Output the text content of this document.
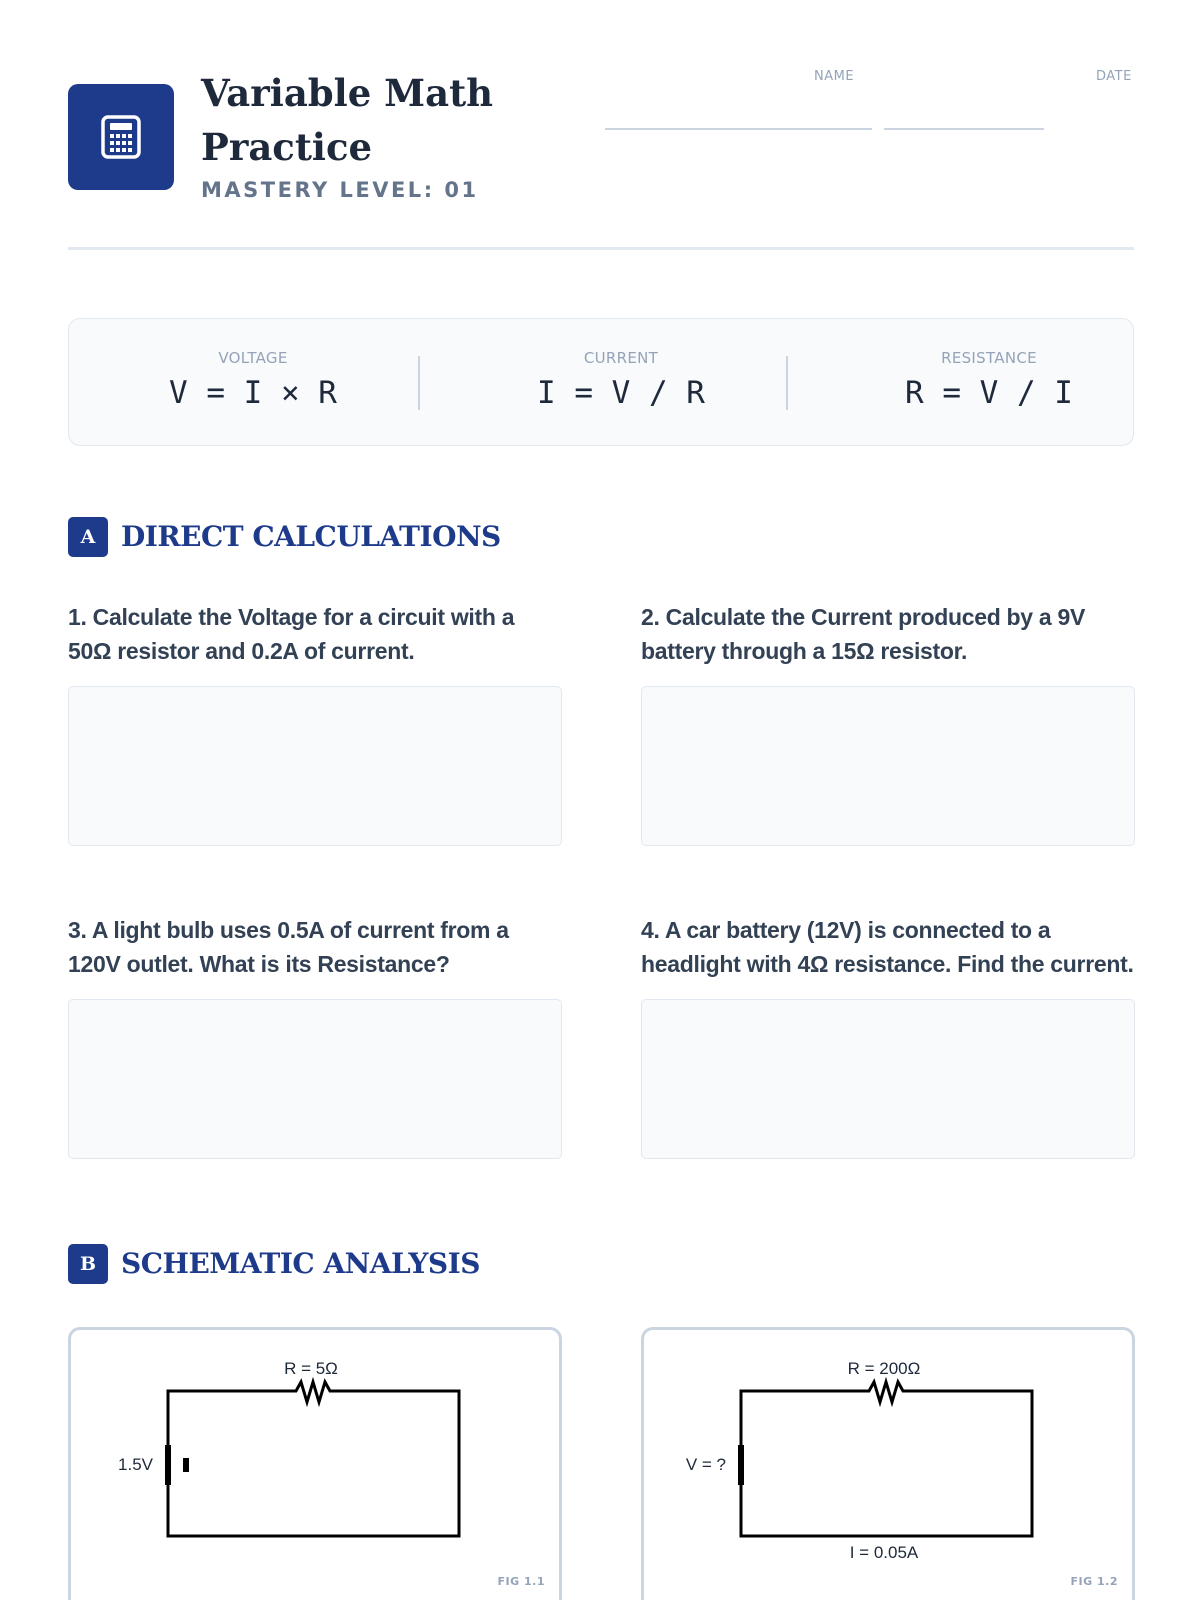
Variable Math Practice
MASTERY LEVEL: 01
NAME	DATE
VOLTAGE
V = I × R
CURRENT
I = V / R
RESISTANCE
R = V / I
A DIRECT CALCULATIONS
1. Calculate the Voltage for a circuit with a 50Ω resistor and 0.2A of current.
2. Calculate the Current produced by a 9V battery through a 15Ω resistor.
3. A light bulb uses 0.5A of current from a 120V outlet. What is its Resistance?
4. A car battery (12V) is connected to a headlight with 4Ω resistance. Find the current.
B SCHEMATIC ANALYSIS
R = 5Ω
1.5V
FIG 1.1
R = 200Ω
V = ?
I = 0.05A
FIG 1.2
